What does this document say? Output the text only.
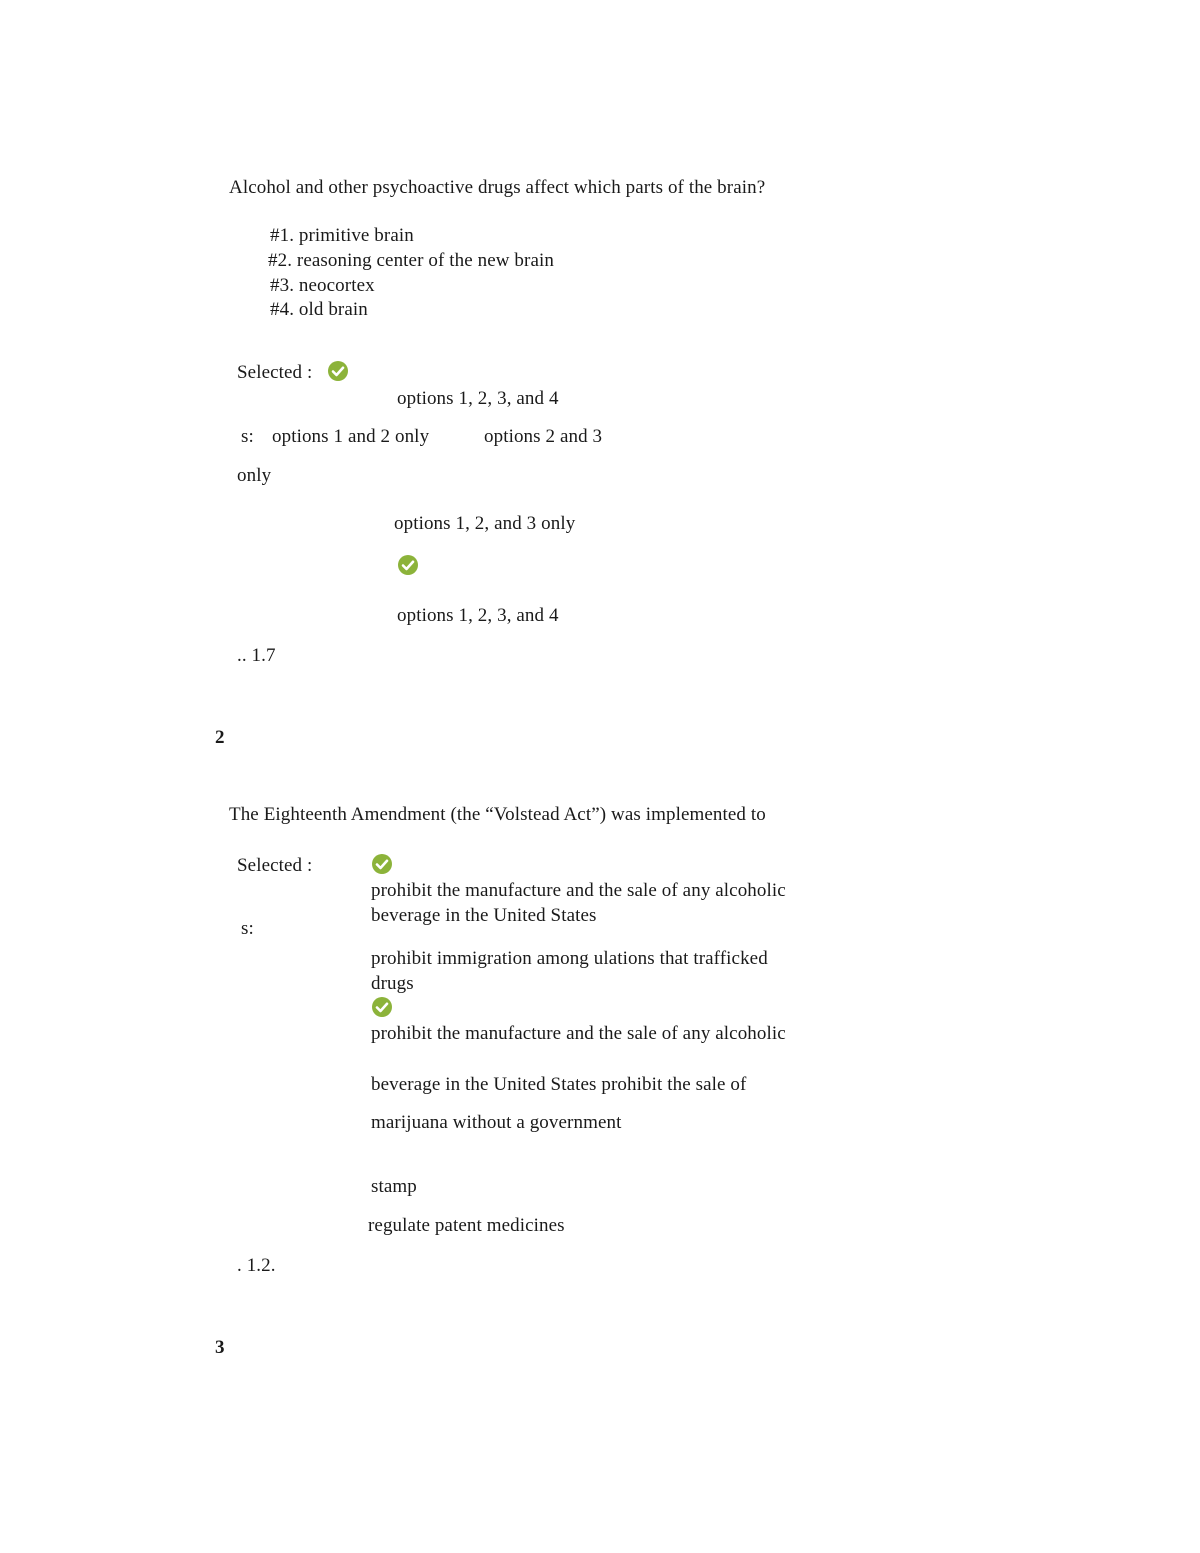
Alcohol and other psychoactive drugs affect which parts of the brain?
#1. primitive brain
#2. reasoning center of the new brain
#3. neocortex
#4. old brain
Selected :
options 1, 2, 3, and 4
s: options 1 and 2 only	options 2 and 3
only
options 1, 2, and 3 only
options 1, 2, 3, and 4
.. 1.7
2
The Eighteenth Amendment (the “Volstead Act”) was implemented to
Selected :
prohibit the manufacture and the sale of any alcoholic
beverage in the United States
s:
prohibit immigration among ulations that trafficked
drugs
prohibit the manufacture and the sale of any alcoholic
beverage in the United States prohibit the sale of
marijuana without a government
stamp
regulate patent medicines
. 1.2.
3
